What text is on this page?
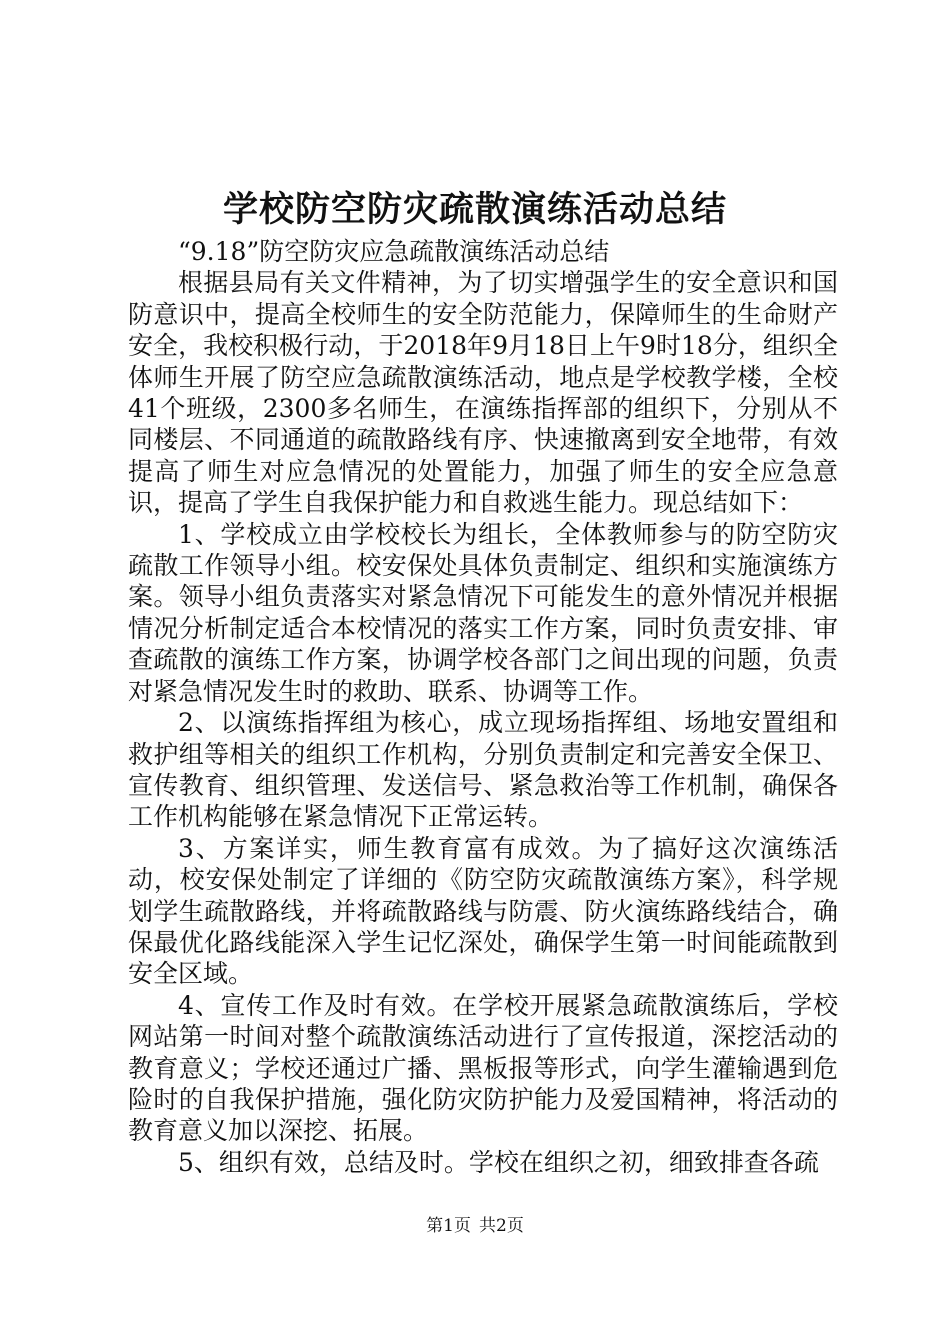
学校防空防灾疏散演练活动总结

“9.18”防空防灾应急疏散演练活动总结

根据县局有关文件精神，为了切实增强学生的安全意识和国防意识中，提高全校师生的安全防范能力，保障师生的生命财产安全，我校积极行动，于2018年9月18日上午9时18分，组织全体师生开展了防空应急疏散演练活动，地点是学校教学楼，全校41个班级，2300多名师生，在演练指挥部的组织下，分别从不同楼层、不同通道的疏散路线有序、快速撤离到安全地带，有效提高了师生对应急情况的处置能力，加强了师生的安全应急意识，提高了学生自我保护能力和自救逃生能力。现总结如下：

1、学校成立由学校校长为组长，全体教师参与的防空防灾疏散工作领导小组。校安保处具体负责制定、组织和实施演练方案。领导小组负责落实对紧急情况下可能发生的意外情况并根据情况分析制定适合本校情况的落实工作方案，同时负责安排、审查疏散的演练工作方案，协调学校各部门之间出现的问题，负责对紧急情况发生时的救助、联系、协调等工作。

2、以演练指挥组为核心，成立现场指挥组、场地安置组和救护组等相关的组织工作机构，分别负责制定和完善安全保卫、宣传教育、组织管理、发送信号、紧急救治等工作机制，确保各工作机构能够在紧急情况下正常运转。

3、方案详实，师生教育富有成效。为了搞好这次演练活动，校安保处制定了详细的《防空防灾疏散演练方案》，科学规划学生疏散路线，并将疏散路线与防震、防火演练路线结合，确保最优化路线能深入学生记忆深处，确保学生第一时间能疏散到安全区域。

4、宣传工作及时有效。在学校开展紧急疏散演练后，学校网站第一时间对整个疏散演练活动进行了宣传报道，深挖活动的教育意义；学校还通过广播、黑板报等形式，向学生灌输遇到危险时的自我保护措施，强化防灾防护能力及爱国精神，将活动的教育意义加以深挖、拓展。

5、组织有效，总结及时。学校在组织之初，细致排查各疏

第1页 共2页
